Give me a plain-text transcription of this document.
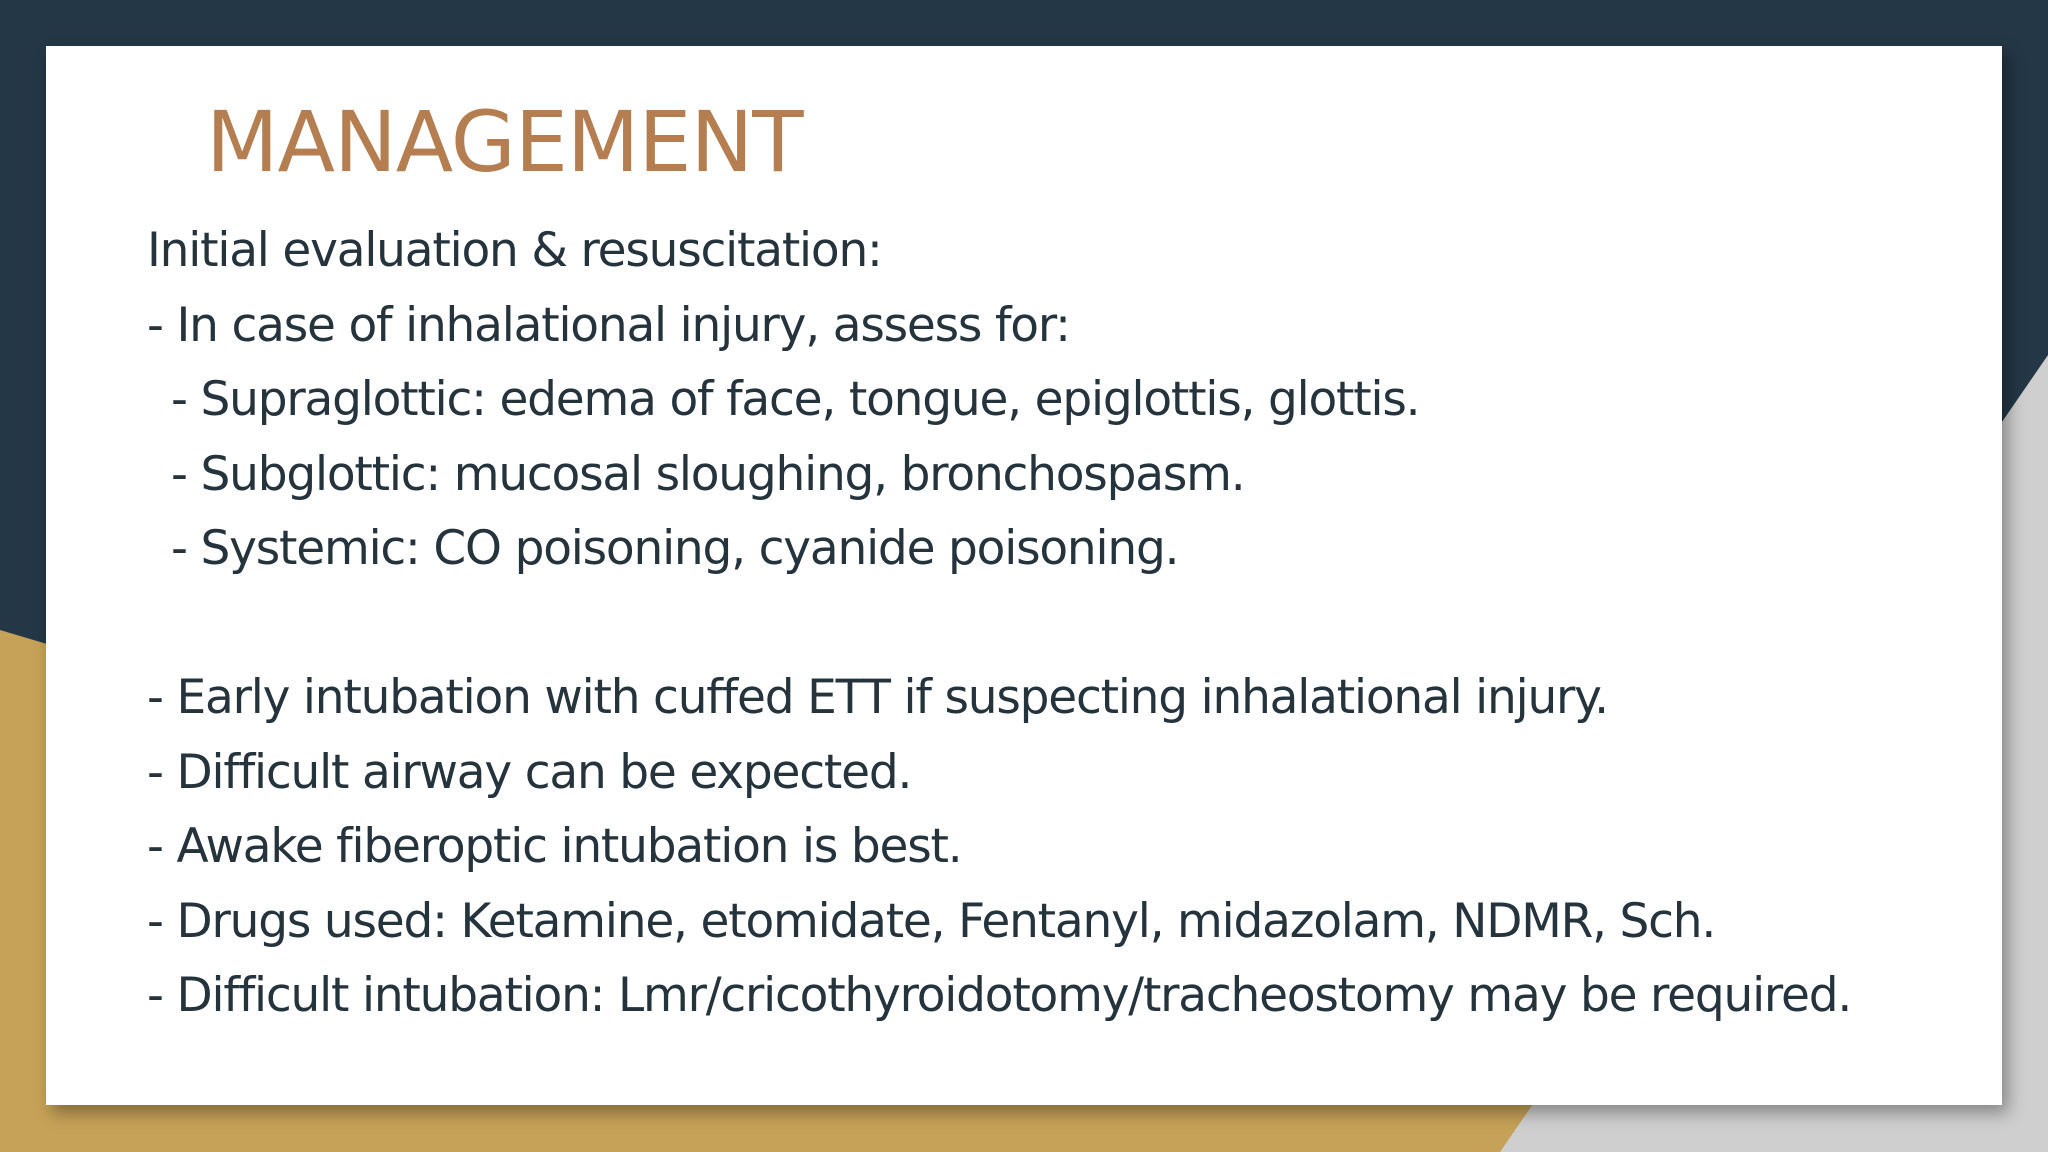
MANAGEMENT
Initial evaluation & resuscitation:
- In case of inhalational injury, assess for:
- Supraglottic: edema of face, tongue, epiglottis, glottis.
- Subglottic: mucosal sloughing, bronchospasm.
- Systemic: CO poisoning, cyanide poisoning.
- Early intubation with cuffed ETT if suspecting inhalational injury.
- Difficult airway can be expected.
- Awake fiberoptic intubation is best.
- Drugs used: Ketamine, etomidate, Fentanyl, midazolam, NDMR, Sch.
- Difficult intubation: Lmr/cricothyroidotomy/tracheostomy may be required.
